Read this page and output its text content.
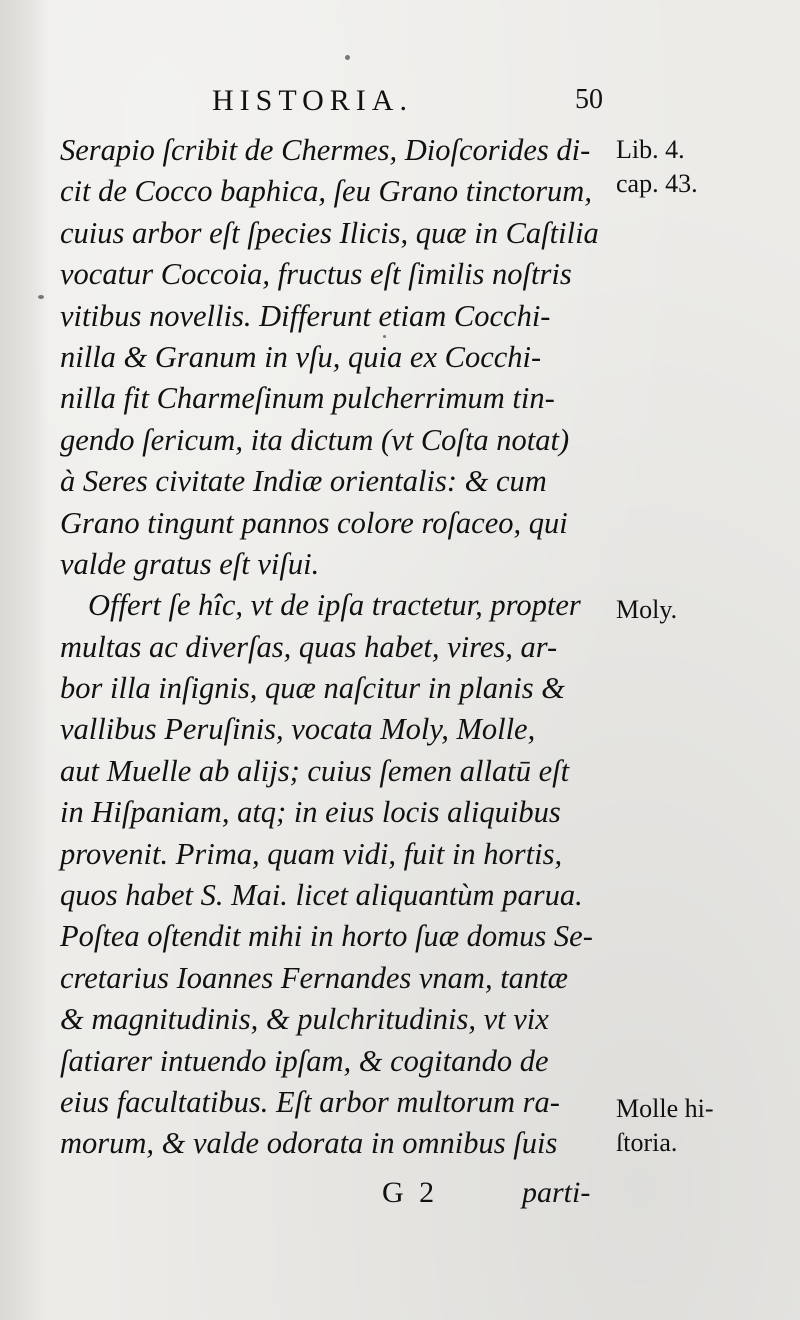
HISTORIA.	50
Serapio ſcribit de Chermes, Dioſcorides di-
cit de Cocco baphica, ſeu Grano tinctorum,
cuius arbor eſt ſpecies Ilicis, quæ in Caſtilia
vocatur Coccoia, fructus eſt ſimilis noſtris
vitibus novellis. Differunt etiam Cocchi-
nilla & Granum in vſu, quia ex Cocchi-
nilla fit Charmeſinum pulcherrimum tin-
gendo ſericum, ita dictum (vt Coſta notat)
à Seres civitate Indiæ orientalis: & cum
Grano tingunt pannos colore roſaceo, qui
valde gratus eſt viſui.
Offert ſe hîc, vt de ipſa tractetur, propter
multas ac diverſas, quas habet, vires, ar-
bor illa inſignis, quæ naſcitur in planis &
vallibus Peruſinis, vocata Moly, Molle,
aut Muelle ab alijs; cuius ſemen allatū eſt
in Hiſpaniam, atq; in eius locis aliquibus
provenit. Prima, quam vidi, fuit in hortis,
quos habet S. Mai. licet aliquantùm parua.
Poſtea oſtendit mihi in horto ſuæ domus Se-
cretarius Ioannes Fernandes vnam, tantæ
& magnitudinis, & pulchritudinis, vt vix
ſatiarer intuendo ipſam, & cogitando de
eius facultatibus. Eſt arbor multorum ra-
morum, & valde odorata in omnibus ſuis
Lib. 4.
cap. 43.
Moly.
Molle hi-
ſtoria.
G 2	parti-
